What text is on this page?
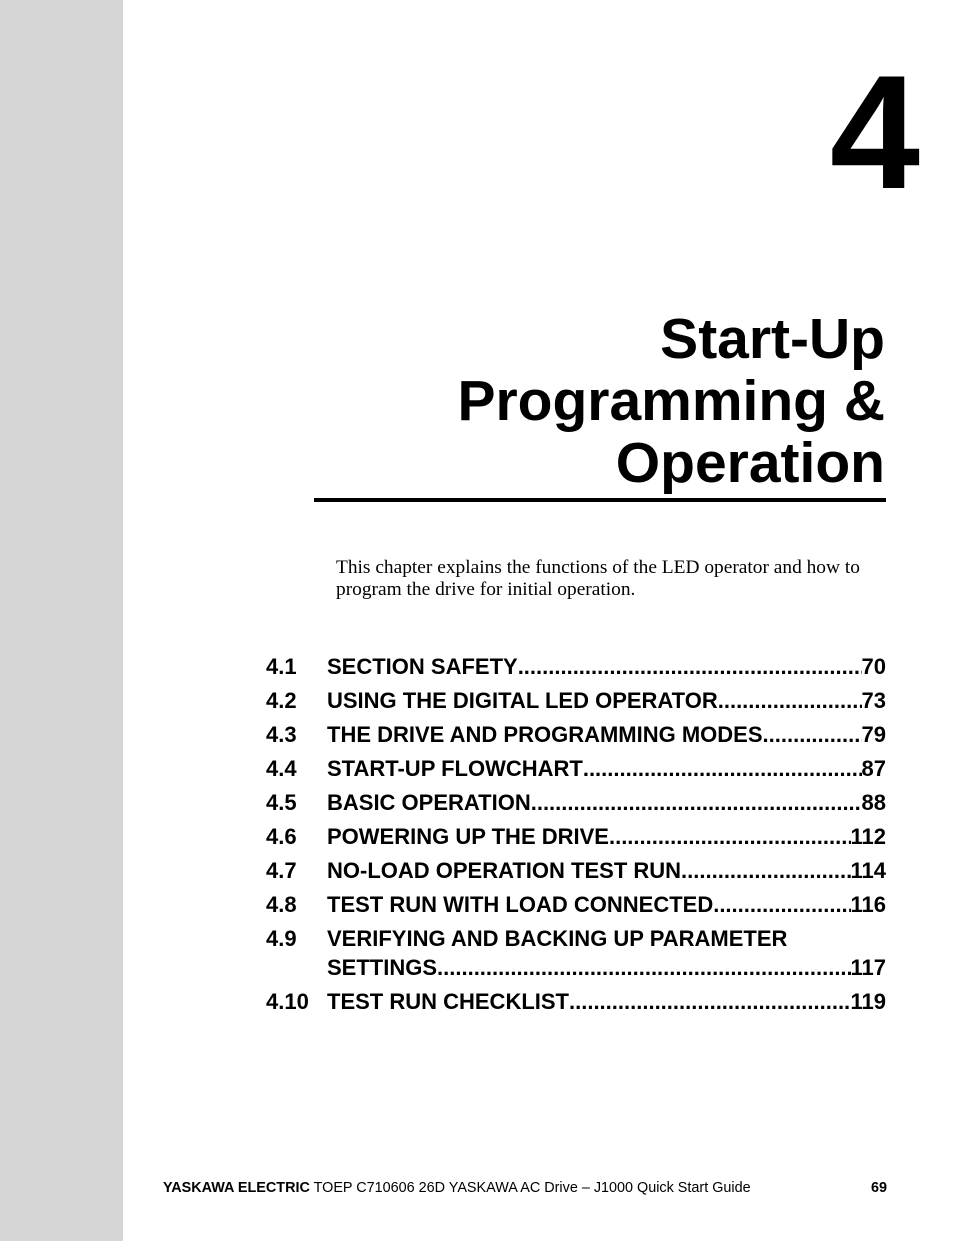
4
Start-Up
Programming &
Operation
This chapter explains the functions of the LED operator and how to program the drive for initial operation.
4.1 SECTION SAFETY .....	70
4.2 USING THE DIGITAL LED OPERATOR .....	73
4.3 THE DRIVE AND PROGRAMMING MODES .....	79
4.4 START-UP FLOWCHART .....	87
4.5 BASIC OPERATION .....	88
4.6 POWERING UP THE DRIVE .....	112
4.7 NO-LOAD OPERATION TEST RUN .....	114
4.8 TEST RUN WITH LOAD CONNECTED .....	116
4.9 VERIFYING AND BACKING UP PARAMETER
SETTINGS .....	117
4.10 TEST RUN CHECKLIST .....	119
YASKAWA ELECTRIC TOEP C710606 26D YASKAWA AC Drive – J1000 Quick Start Guide	69
